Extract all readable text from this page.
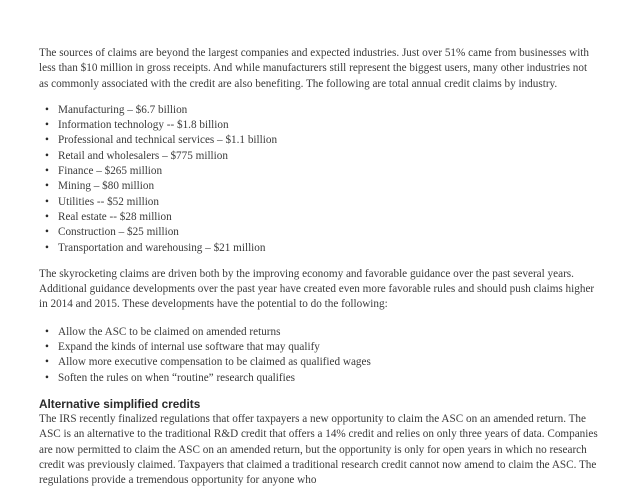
The sources of claims are beyond the largest companies and expected industries. Just over 51% came from businesses with less than $10 million in gross receipts. And while manufacturers still represent the biggest users, many other industries not as commonly associated with the credit are also benefiting. The following are total annual credit claims by industry.

• Manufacturing – $6.7 billion
• Information technology -- $1.8 billion
• Professional and technical services – $1.1 billion
• Retail and wholesalers – $775 million
• Finance – $265 million
• Mining – $80 million
• Utilities -- $52 million
• Real estate -- $28 million
• Construction – $25 million
• Transportation and warehousing – $21 million

The skyrocketing claims are driven both by the improving economy and favorable guidance over the past several years. Additional guidance developments over the past year have created even more favorable rules and should push claims higher in 2014 and 2015. These developments have the potential to do the following:

• Allow the ASC to be claimed on amended returns
• Expand the kinds of internal use software that may qualify
• Allow more executive compensation to be claimed as qualified wages
• Soften the rules on when “routine” research qualifies
Alternative simplified credits

The IRS recently finalized regulations that offer taxpayers a new opportunity to claim the ASC on an amended return. The ASC is an alternative to the traditional R&D credit that offers a 14% credit and relies on only three years of data. Companies are now permitted to claim the ASC on an amended return, but the opportunity is only for open years in which no research credit was previously claimed. Taxpayers that claimed a traditional research credit cannot now amend to claim the ASC. The regulations provide a tremendous opportunity for anyone who
